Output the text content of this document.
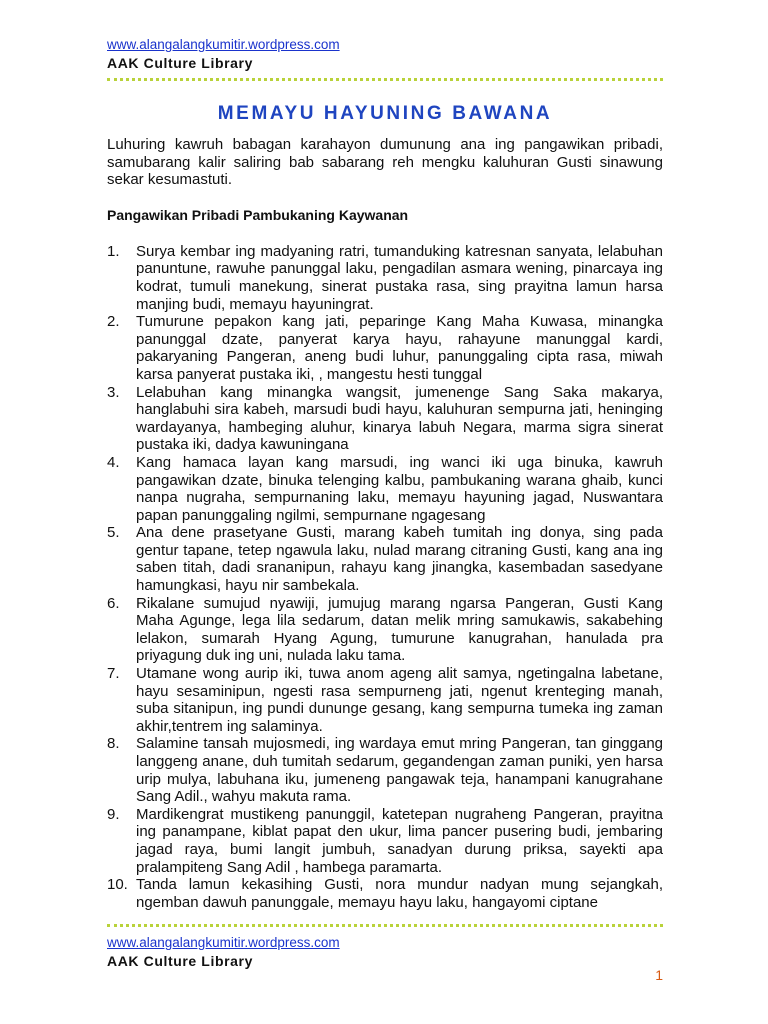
www.alangalangkumitir.wordpress.com
AAK Culture Library
MEMAYU HAYUNING BAWANA

Luhuring kawruh babagan karahayon dumunung ana ing pangawikan pribadi, samubarang kalir saliring bab sabarang reh mengku kaluhuran Gusti sinawung sekar kesumastuti.

Pangawikan Pribadi Pambukaning Kaywanan

1. Surya kembar ing madyaning ratri, tumanduking katresnan sanyata, lelabuhan panuntune, rawuhe panunggal laku, pengadilan asmara wening, pinarcaya ing kodrat, tumuli manekung, sinerat pustaka rasa, sing prayitna lamun harsa manjing budi, memayu hayuningrat.
2. Tumurune pepakon kang jati, peparinge Kang Maha Kuwasa, minangka panunggal dzate, panyerat karya hayu, rahayune manunggal kardi, pakaryaning Pangeran, aneng budi luhur, panunggaling cipta rasa, miwah karsa panyerat pustaka iki, , mangestu hesti tunggal
3. Lelabuhan kang minangka wangsit, jumenenge Sang Saka makarya, hanglabuhi sira kabeh, marsudi budi hayu, kaluhuran sempurna jati, heninging wardayanya, hambeging aluhur, kinarya labuh Negara, marma sigra sinerat pustaka iki, dadya kawuningana
4. Kang hamaca layan kang marsudi, ing wanci iki uga binuka, kawruh pangawikan dzate, binuka telenging kalbu, pambukaning warana ghaib, kunci nanpa nugraha, sempurnaning laku, memayu hayuning jagad, Nuswantara papan panunggaling ngilmi, sempurnane ngagesang
5. Ana dene prasetyane Gusti, marang kabeh tumitah ing donya, sing pada gentur tapane, tetep ngawula laku, nulad marang citraning Gusti, kang ana ing saben titah, dadi srananipun, rahayu kang jinangka, kasembadan sasedyane hamungkasi, hayu nir sambekala.
6. Rikalane sumujud nyawiji, jumujug marang ngarsa Pangeran, Gusti Kang Maha Agunge, lega lila sedarum, datan melik mring samukawis, sakabehing lelakon, sumarah Hyang Agung, tumurune kanugrahan, hanulada pra priyagung duk ing uni, nulada laku tama.
7. Utamane wong aurip iki, tuwa anom ageng alit samya, ngetingalna labetane, hayu sesaminipun, ngesti rasa sempurneng jati, ngenut krenteging manah, suba sitanipun, ing pundi dununge gesang, kang sempurna tumeka ing zaman akhir,tentrem ing salaminya.
8. Salamine tansah mujosmedi, ing wardaya emut mring Pangeran, tan ginggang langgeng anane, duh tumitah sedarum, gegandengan zaman puniki, yen harsa urip mulya, labuhana iku, jumeneng pangawak teja, hanampani kanugrahane Sang Adil., wahyu makuta rama.
9. Mardikengrat mustikeng panunggil, katetepan nugraheng Pangeran, prayitna ing panampane, kiblat papat den ukur, lima pancer pusering budi, jembaring jagad raya, bumi langit jumbuh, sanadyan durung priksa, sayekti apa pralampiteng Sang Adil , hambega paramarta.
10. Tanda lamun kekasihing Gusti, nora mundur nadyan mung sejangkah, ngemban dawuh panunggale, memayu hayu laku, hangayomi ciptane
www.alangalangkumitir.wordpress.com
AAK Culture Library
1
